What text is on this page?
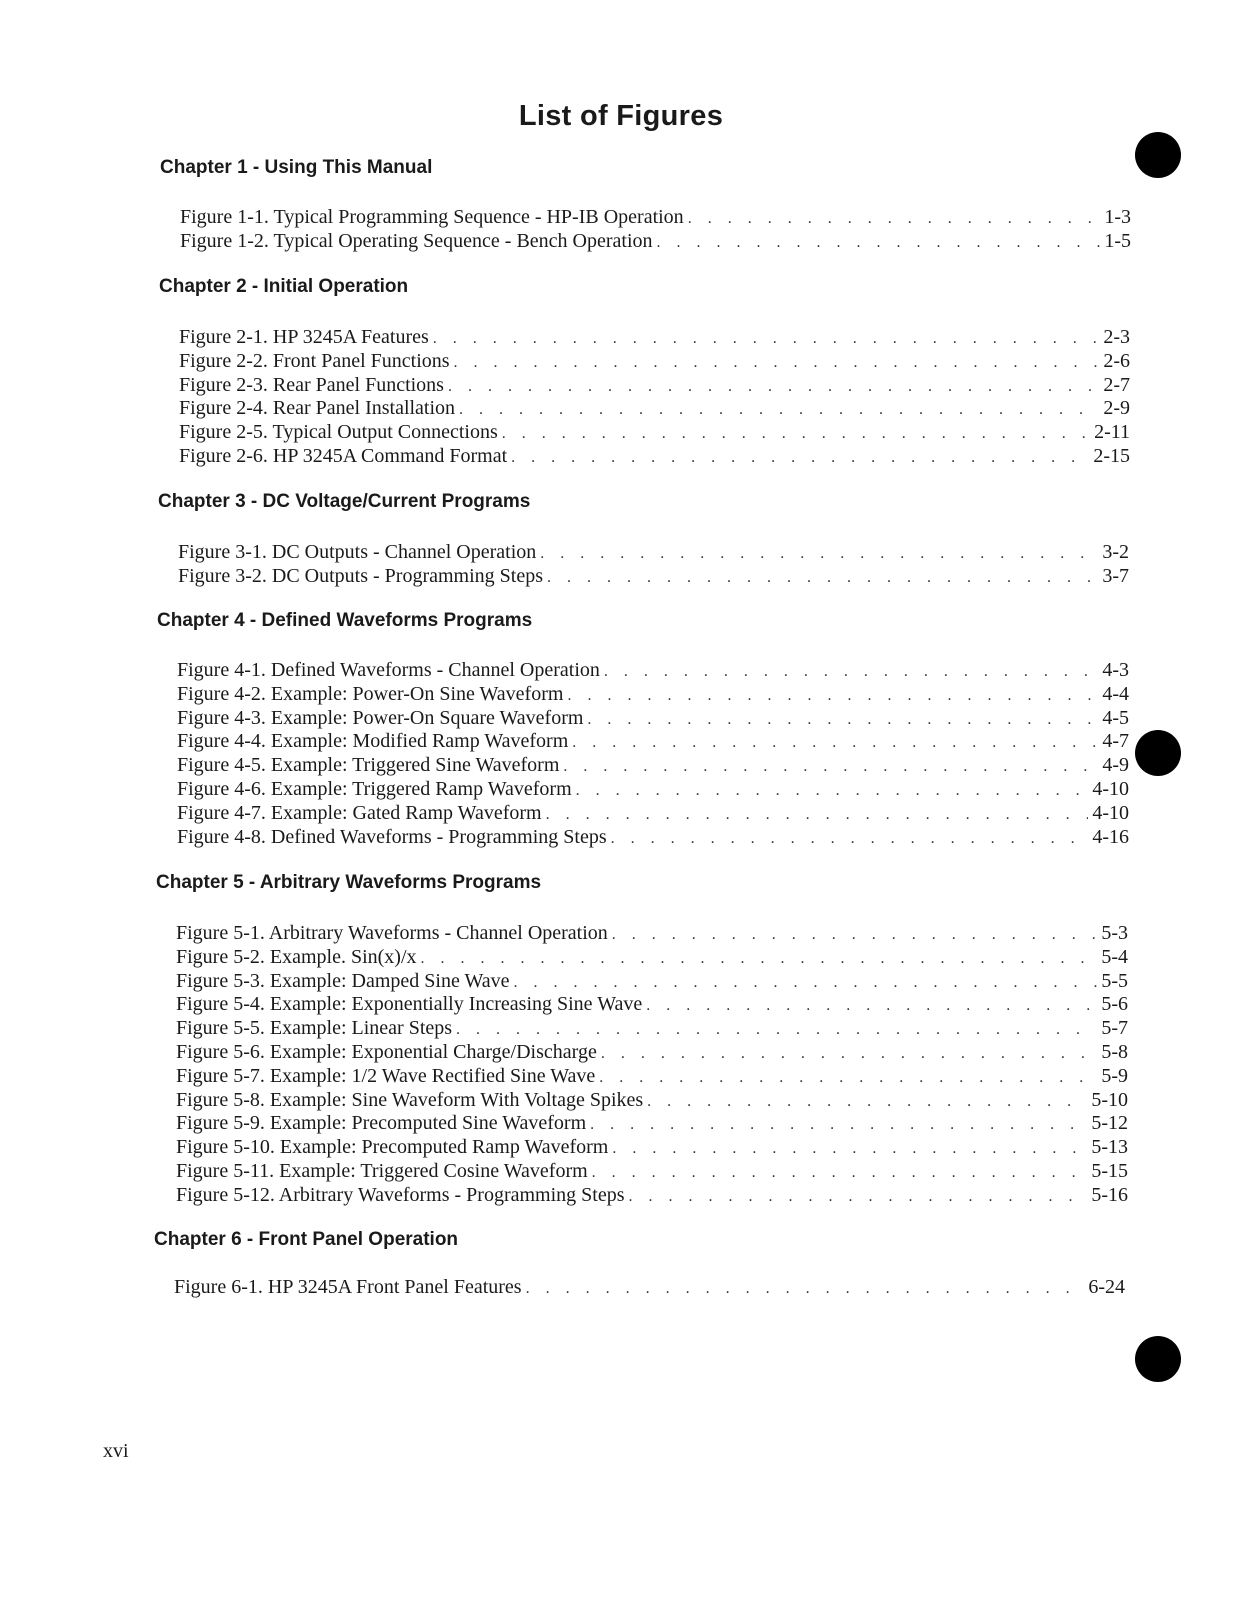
List of Figures
Chapter 1 - Using This Manual
Figure 1-1. Typical Programming Sequence - HP-IB Operation . . .	1-3
Figure 1-2. Typical Operating Sequence - Bench Operation . . .	1-5
Chapter 2 - Initial Operation
Figure 2-1. HP 3245A Features . . .	2-3
Figure 2-2. Front Panel Functions . . .	2-6
Figure 2-3. Rear Panel Functions . . .	2-7
Figure 2-4. Rear Panel Installation . . .	2-9
Figure 2-5. Typical Output Connections . . .	2-11
Figure 2-6. HP 3245A Command Format . . .	2-15
Chapter 3 - DC Voltage/Current Programs
Figure 3-1. DC Outputs - Channel Operation . . .	3-2
Figure 3-2. DC Outputs - Programming Steps . . .	3-7
Chapter 4 - Defined Waveforms Programs
Figure 4-1. Defined Waveforms - Channel Operation . . .	4-3
Figure 4-2. Example: Power-On Sine Waveform . . .	4-4
Figure 4-3. Example: Power-On Square Waveform . . .	4-5
Figure 4-4. Example: Modified Ramp Waveform . . .	4-7
Figure 4-5. Example: Triggered Sine Waveform . . .	4-9
Figure 4-6. Example: Triggered Ramp Waveform . . .	4-10
Figure 4-7. Example: Gated Ramp Waveform . . .	4-10
Figure 4-8. Defined Waveforms - Programming Steps . . .	4-16
Chapter 5 - Arbitrary Waveforms Programs
Figure 5-1. Arbitrary Waveforms - Channel Operation . . .	5-3
Figure 5-2. Example. Sin(x)/x . . .	5-4
Figure 5-3. Example: Damped Sine Wave . . .	5-5
Figure 5-4. Example: Exponentially Increasing Sine Wave . . .	5-6
Figure 5-5. Example: Linear Steps . . .	5-7
Figure 5-6. Example: Exponential Charge/Discharge . . .	5-8
Figure 5-7. Example: 1/2 Wave Rectified Sine Wave . . .	5-9
Figure 5-8. Example: Sine Waveform With Voltage Spikes . . .	5-10
Figure 5-9. Example: Precomputed Sine Waveform . . .	5-12
Figure 5-10. Example: Precomputed Ramp Waveform . . .	5-13
Figure 5-11. Example: Triggered Cosine Waveform . . .	5-15
Figure 5-12. Arbitrary Waveforms - Programming Steps . . .	5-16
Chapter 6 - Front Panel Operation
Figure 6-1. HP 3245A Front Panel Features . . .	6-24
xvi
